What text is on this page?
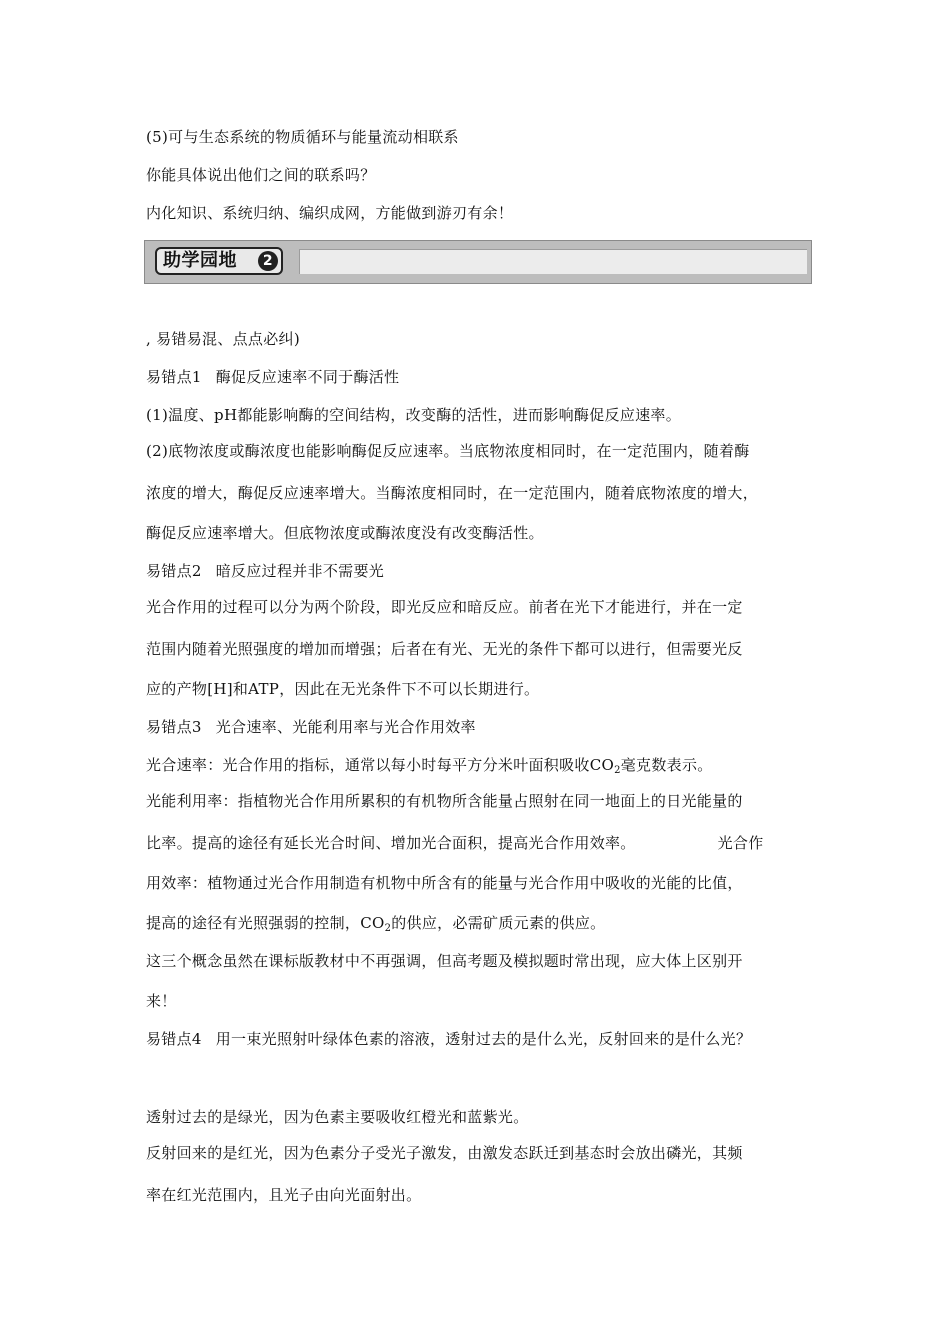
(5)可与生态系统的物质循环与能量流动相联系
你能具体说出他们之间的联系吗？
内化知识、系统归纳、编织成网，方能做到游刃有余！
助学园地	2
, 易错易混、点点必纠)
易错点1 酶促反应速率不同于酶活性
(1)温度、pH都能影响酶的空间结构，改变酶的活性，进而影响酶促反应速率。
(2)底物浓度或酶浓度也能影响酶促反应速率。当底物浓度相同时，在一定范围内，随着酶
浓度的增大，酶促反应速率增大。当酶浓度相同时，在一定范围内，随着底物浓度的增大，
酶促反应速率增大。但底物浓度或酶浓度没有改变酶活性。
易错点2 暗反应过程并非不需要光
光合作用的过程可以分为两个阶段，即光反应和暗反应。前者在光下才能进行，并在一定
范围内随着光照强度的增加而增强；后者在有光、无光的条件下都可以进行，但需要光反
应的产物[H]和ATP，因此在无光条件下不可以长期进行。
易错点3 光合速率、光能利用率与光合作用效率
光合速率：光合作用的指标，通常以每小时每平方分米叶面积吸收$CO_2$毫克数表示。
光能利用率：指植物光合作用所累积的有机物所含能量占照射在同一地面上的日光能量的
比率。提高的途径有延长光合时间、增加光合面积，提高光合作用效率。	光合作
用效率：植物通过光合作用制造有机物中所含有的能量与光合作用中吸收的光能的比值，
提高的途径有光照强弱的控制，$CO_2$的供应，必需矿质元素的供应。
这三个概念虽然在课标版教材中不再强调，但高考题及模拟题时常出现，应大体上区别开
来！
易错点4 用一束光照射叶绿体色素的溶液，透射过去的是什么光，反射回来的是什么光？
透射过去的是绿光，因为色素主要吸收红橙光和蓝紫光。
反射回来的是红光，因为色素分子受光子激发，由激发态跃迁到基态时会放出磷光，其频
率在红光范围内，且光子由向光面射出。
